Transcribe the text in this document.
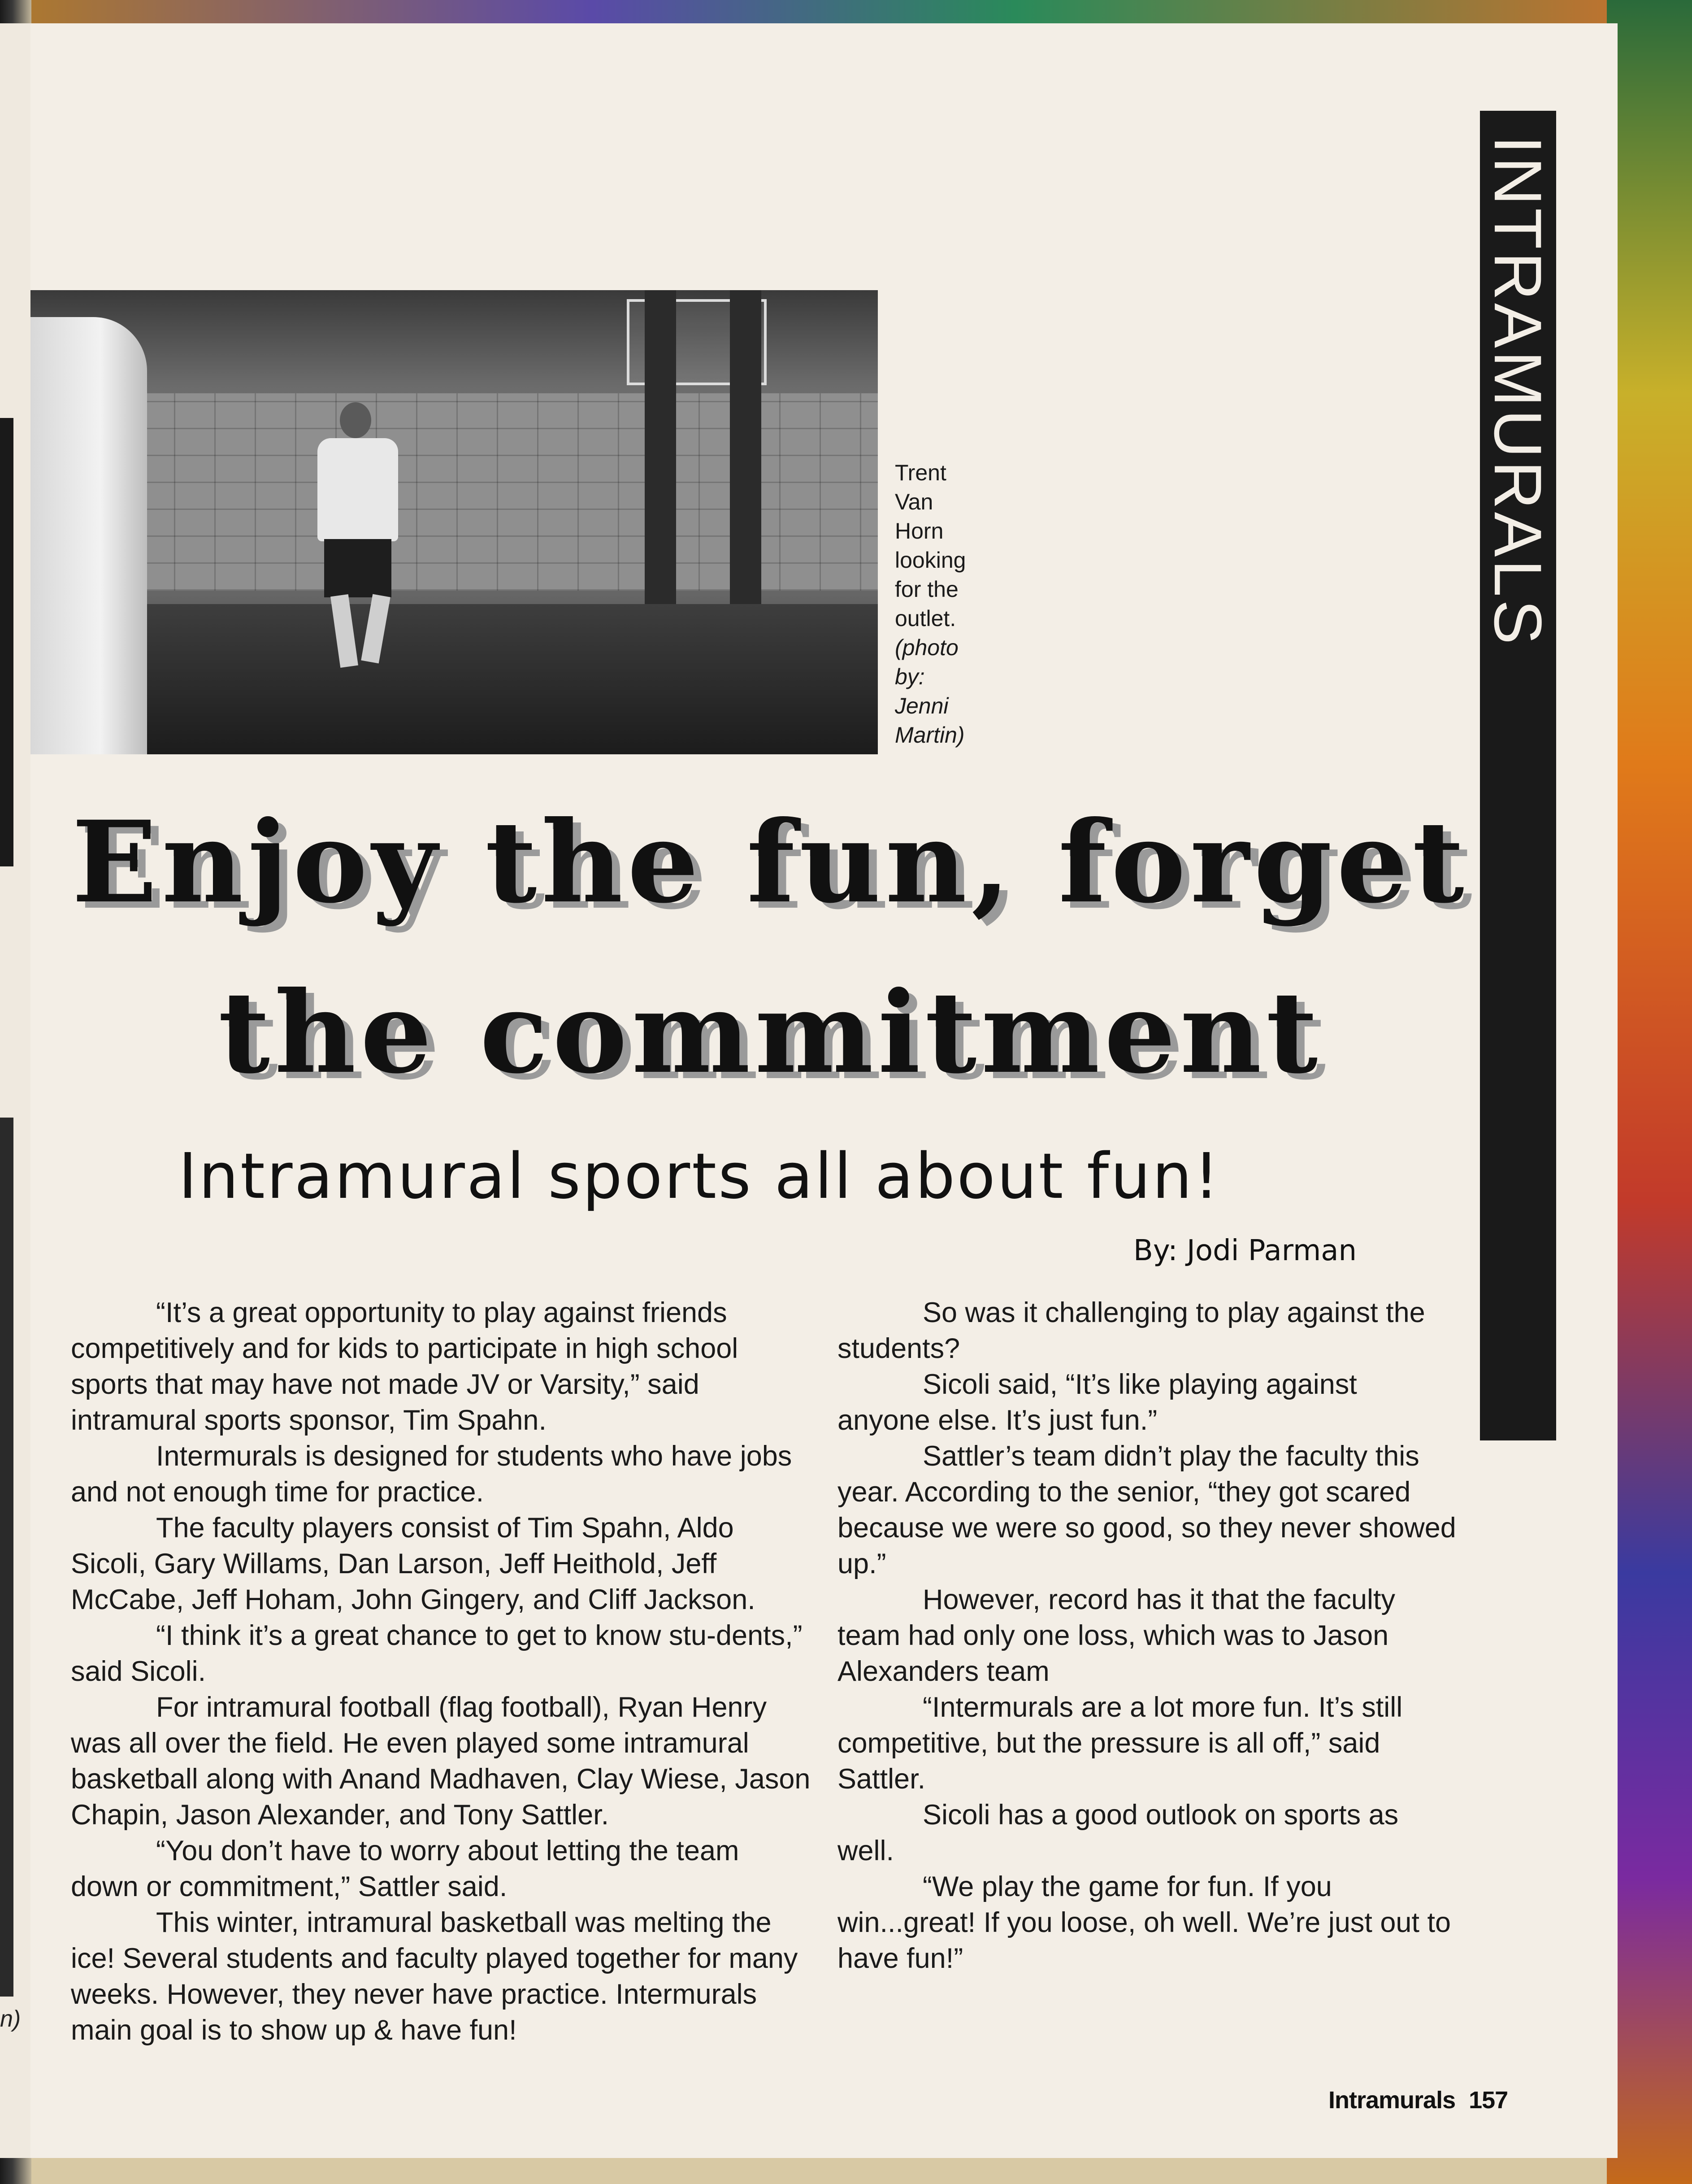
n)
Trent
Van
Horn
looking
for the
outlet.
(photo
by:
Jenni
Martin)
INTRAMURALS
Enjoy the fun, forget
the commitment
Intramural sports all about fun!
By: Jodi Parman

“It’s a great opportunity to play against friends competitively and for kids to participate in high school sports that may have not made JV or Varsity,” said intramural sports sponsor, Tim Spahn.

Intermurals is designed for students who have jobs and not enough time for practice.

The faculty players consist of Tim Spahn, Aldo Sicoli, Gary Willams, Dan Larson, Jeff Heithold, Jeff McCabe, Jeff Hoham, John Gingery, and Cliff Jackson.

“I think it’s a great chance to get to know stu-dents,” said Sicoli.

For intramural football (flag football), Ryan Henry was all over the field. He even played some intramural basketball along with Anand Madhaven, Clay Wiese, Jason Chapin, Jason Alexander, and Tony Sattler.

“You don’t have to worry about letting the team down or commitment,” Sattler said.

This winter, intramural basketball was melting the ice! Several students and faculty played together for many weeks. However, they never have practice. Intermurals main goal is to show up & have fun!

So was it challenging to play against the students?

Sicoli said, “It’s like playing against anyone else. It’s just fun.”

Sattler’s team didn’t play the faculty this year. According to the senior, “they got scared because we were so good, so they never showed up.”

However, record has it that the faculty team had only one loss, which was to Jason Alexanders team

“Intermurals are a lot more fun. It’s still competitive, but the pressure is all off,” said Sattler.

Sicoli has a good outlook on sports as well.

“We play the game for fun. If you win...great! If you loose, oh well. We’re just out to have fun!”

Intramurals 157
